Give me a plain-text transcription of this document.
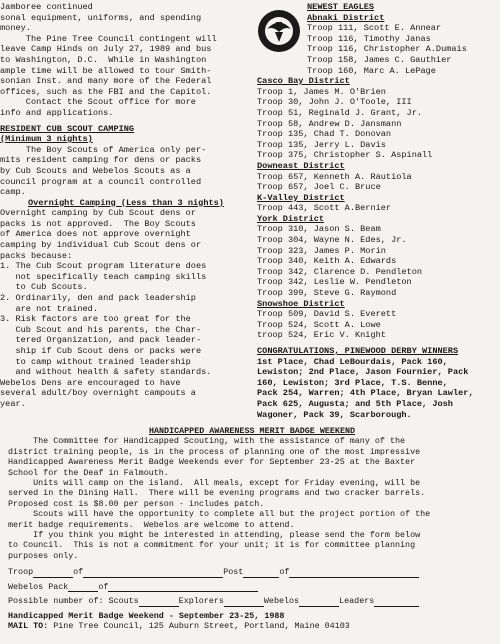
Jamboree continued
sonal equipment, uniforms, and spending
money.
The Pine Tree Council contingent will
leave Camp Hinds on July 27, 1989 and bus
to Washington, D.C.  While in Washington
ample time will be allowed to tour Smith-
sonian Inst. and many more of the Federal
offices, such as the FBI and the Capitol.
Contact the Scout office for more
info and applications.
RESIDENT CUB SCOUT CAMPING
(Minimum 3 nights)
The Boy Scouts of America only per-
mits resident camping for dens or packs
by Cub Scouts and Webelos Scouts as a
council program at a council controlled
camp.
Overnight Camping (Less than 3 nights)
Overnight camping by Cub Scout dens or
packs is not approved.  The Boy Scouts
of America does not approve overnight
camping by individual Cub Scout dens or
packs because:
1. The Cub Scout program literature does
not specifically teach camping skills
to Cub Scouts.
2. Ordinarily, den and pack leadership
are not trained.
3. Risk factors are too great for the
Cub Scout and his parents, the Char-
tered Organization, and pack leader-
ship if Cub Scout dens or packs were
to camp without trained leadership
and without health & safety standards.
Webelos Dens are encouraged to have
several adult/boy overnight campouts a
year.
NEWEST EAGLES
Abnaki District
Troop 111, Scott E. Annear
Troop 116, Timothy Janas
Troop 116, Christopher A.Dumais
Troop 158, James C. Gauthier
Troop 160, Marc A. LePage
Casco Bay District
Troop 1, James M. O'Brien
Troop 30, John J. O'Toole, III
Troop 51, Reginald J. Grant, Jr.
Troop 58, Andrew D. Jansmann
Troop 135, Chad T. Donovan
Troop 135, Jerry L. Davis
Troop 375, Christopher S. Aspinall
Downeast District
Troop 657, Kenneth A. Rautiola
Troop 657, Joel C. Bruce
K-Valley District
Troop 443, Scott A.Bernier
York District
Troop 310, Jason S. Beam
Troop 304, Wayne N. Edes, Jr.
Troop 323, James P. Morin
Troop 340, Keith A. Edwards
Troop 342, Clarence D. Pendleton
Troop 342, Leslie W. Pendleton
Troop 399, Steve G. Raymond
Snowshoe District
Troop 509, David S. Everett
Troop 524, Scott A. Lowe
troop 524, Eric V. Knight
CONGRATULATIONS, PINEWOOD DERBY WINNERS
1st Place, Chad LeBourdais, Pack 160,
Lewiston; 2nd Place, Jason Fournier, Pack
160, Lewiston; 3rd Place, T.S. Benne,
Pack 254, Warren; 4th Place, Bryan Lawler,
Pack 625, Augusta; and 5th Place, Josh
Wagoner, Pack 39, Scarborough.
HANDICAPPED AWARENESS MERIT BADGE WEEKEND
The Committee for Handicapped Scouting, with the assistance of many of the
district training people, is in the process of planning one of the most impressive
Handicapped Awareness Merit Badge Weekends ever for September 23-25 at the Baxter
School for the Deaf in Falmouth.
Units will camp on the island.  All meals, except for Friday evening, will be
served in the Dining Hall.  There will be evening programs and two cracker barrels.
Proposed cost is $8.00 per person - includes patch.
Scouts will have the opportunity to complete all but the project portion of the
merit badge requirements.  Webelos are welcome to attend.
If you think you might be interested in attending, please send the form below
to Council.  This is not a commitment for your unit; it is for committee planning
purposes only.
Troop	of	Post	of
Webelos Pack	of
Possible number of: Scouts	Explorers	Webelos	Leaders
Handicapped Merit Badge Weekend - September 23-25, 1988
MAIL TO: Pine Tree Council, 125 Auburn Street, Portland, Maine 04103
